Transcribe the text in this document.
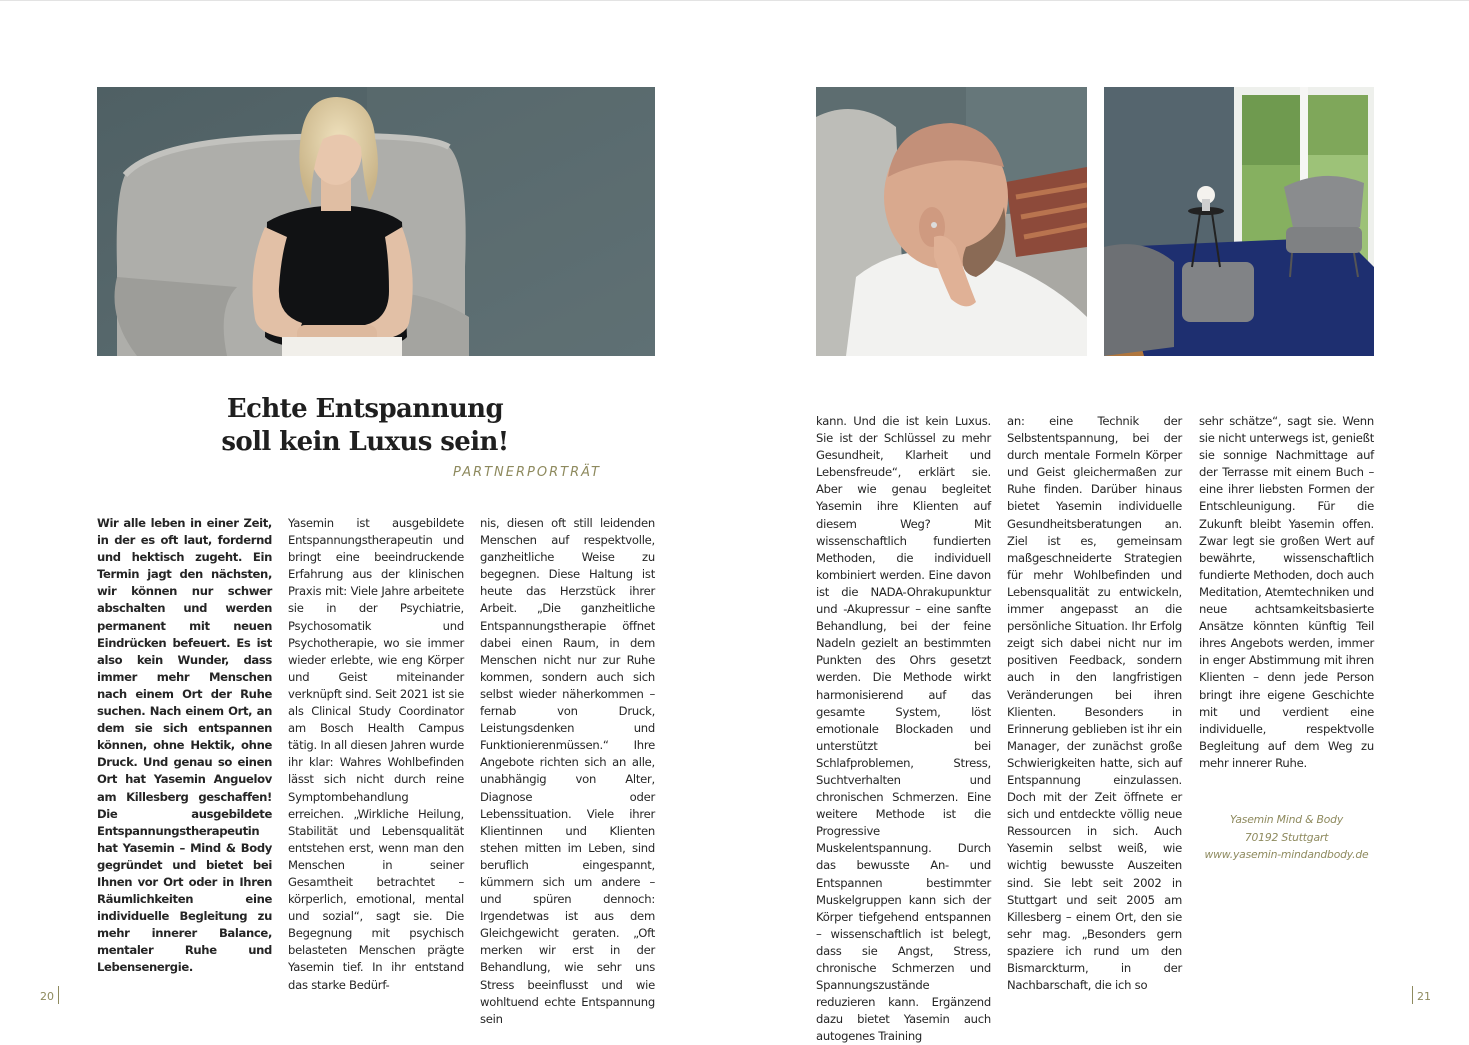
Echte Entspannung
soll kein Luxus sein!
PARTNERPORTRÄT

Wir alle leben in einer Zeit, in der es oft laut, fordernd und hektisch zugeht. Ein Termin jagt den nächsten, wir können nur schwer abschalten und werden permanent mit neuen Eindrücken befeuert. Es ist also kein Wunder, dass immer mehr Menschen nach einem Ort der Ruhe suchen. Nach einem Ort, an dem sie sich entspannen können, ohne Hektik, ohne Druck. Und genau so einen Ort hat Yasemin Anguelov am Killesberg geschaffen! Die ausgebildete Entspannungstherapeutin hat Yasemin – Mind & Body gegründet und bietet bei Ihnen vor Ort oder in Ihren Räumlichkeiten eine individuelle Begleitung zu mehr innerer Balance, mentaler Ruhe und Lebensenergie.

Yasemin ist ausgebildete Entspannungstherapeutin und bringt eine beeindruckende Erfahrung aus der klinischen Praxis mit: Viele Jahre arbeitete sie in der Psychiatrie, Psychosomatik und Psychotherapie, wo sie immer wieder erlebte, wie eng Körper und Geist miteinander verknüpft sind. Seit 2021 ist sie als Clinical Study Coordinator am Bosch Health Campus tätig. In all diesen Jahren wurde ihr klar: Wahres Wohlbefinden lässt sich nicht durch reine Symptombehandlung erreichen. „Wirkliche Heilung, Stabilität und Lebensqualität entstehen erst, wenn man den Menschen in seiner Gesamtheit betrachtet – körperlich, emotional, mental und sozial“, sagt sie. Die Begegnung mit psychisch belasteten Menschen prägte Yasemin tief. In ihr entstand das starke Bedürf-

nis, diesen oft still leidenden Menschen auf respektvolle, ganzheitliche Weise zu begegnen. Diese Haltung ist heute das Herzstück ihrer Arbeit. „Die ganzheitliche Entspannungstherapie öffnet dabei einen Raum, in dem Menschen nicht nur zur Ruhe kommen, sondern auch sich selbst wieder näherkommen – fernab von Druck, Leistungsdenken und Funktionierenmüssen.“ Ihre Angebote richten sich an alle, unabhängig von Alter, Diagnose oder Lebenssituation. Viele ihrer Klientinnen und Klienten stehen mitten im Leben, sind beruflich eingespannt, kümmern sich um andere – und spüren dennoch: Irgendetwas ist aus dem Gleichgewicht geraten. „Oft merken wir erst in der Behandlung, wie sehr uns Stress beeinflusst und wie wohltuend echte Entspannung sein

kann. Und die ist kein Luxus. Sie ist der Schlüssel zu mehr Gesundheit, Klarheit und Lebensfreude“, erklärt sie. Aber wie genau begleitet Yasemin ihre Klienten auf diesem Weg? Mit wissenschaftlich fundierten Methoden, die individuell kombiniert werden. Eine davon ist die NADA-Ohrakupunktur und -Akupressur – eine sanfte Behandlung, bei der feine Nadeln gezielt an bestimmten Punkten des Ohrs gesetzt werden. Die Methode wirkt harmonisierend auf das gesamte System, löst emotionale Blockaden und unterstützt bei Schlafproblemen, Stress, Suchtverhalten und chronischen Schmerzen. Eine weitere Methode ist die Progressive Muskelentspannung. Durch das bewusste An- und Entspannen bestimmter Muskelgruppen kann sich der Körper tiefgehend entspannen – wissenschaftlich ist belegt, dass sie Angst, Stress, chronische Schmerzen und Spannungszustände reduzieren kann. Ergänzend dazu bietet Yasemin auch autogenes Training

an: eine Technik der Selbstentspannung, bei der durch mentale Formeln Körper und Geist gleichermaßen zur Ruhe finden. Darüber hinaus bietet Yasemin individuelle Gesundheitsberatungen an. Ziel ist es, gemeinsam maßgeschneiderte Strategien für mehr Wohlbefinden und Lebensqualität zu entwickeln, immer angepasst an die persönliche Situation. Ihr Erfolg zeigt sich dabei nicht nur im positiven Feedback, sondern auch in den langfristigen Veränderungen bei ihren Klienten. Besonders in Erinnerung geblieben ist ihr ein Manager, der zunächst große Schwierigkeiten hatte, sich auf Entspannung einzulassen. Doch mit der Zeit öffnete er sich und entdeckte völlig neue Ressourcen in sich. Auch Yasemin selbst weiß, wie wichtig bewusste Auszeiten sind. Sie lebt seit 2002 in Stuttgart und seit 2005 am Killesberg – einem Ort, den sie sehr mag. „Besonders gern spaziere ich rund um den Bismarckturm, in der Nachbarschaft, die ich so

sehr schätze“, sagt sie. Wenn sie nicht unterwegs ist, genießt sie sonnige Nachmittage auf der Terrasse mit einem Buch – eine ihrer liebsten Formen der Entschleunigung. Für die Zukunft bleibt Yasemin offen. Zwar legt sie großen Wert auf bewährte, wissenschaftlich fundierte Methoden, doch auch Meditation, Atemtechniken und neue achtsamkeitsbasierte Ansätze könnten künftig Teil ihres Angebots werden, immer in enger Abstimmung mit ihren Klienten – denn jede Person bringt ihre eigene Geschichte mit und verdient eine individuelle, respektvolle Begleitung auf dem Weg zu mehr innerer Ruhe.

Yasemin Mind & Body
70192 Stuttgart
www.yasemin-mindandbody.de
20	21
